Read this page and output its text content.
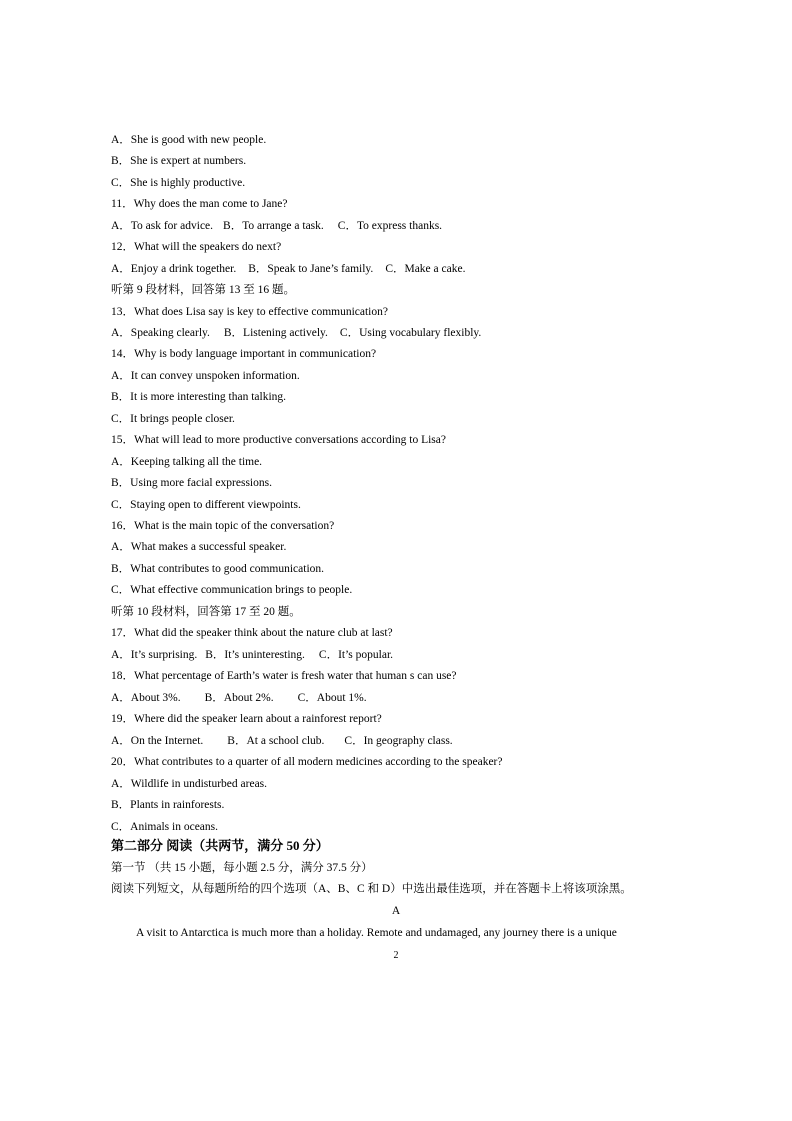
A．She is good with new people.
B．She is expert at numbers.
C．She is highly productive.
11．Why does the man come to Jane?
A．To ask for advice. B．To arrange a task. C．To express thanks.
12．What will the speakers do next?
A．Enjoy a drink together. B．Speak to Jane’s family. C．Make a cake.
听第 9 段材料，回答第 13 至 16 题。
13．What does Lisa say is key to effective communication?
A．Speaking clearly. B．Listening actively. C．Using vocabulary flexibly.
14．Why is body language important in communication?
A．It can convey unspoken information.
B．It is more interesting than talking.
C．It brings people closer.
15．What will lead to more productive conversations according to Lisa?
A．Keeping talking all the time.
B．Using more facial expressions.
C．Staying open to different viewpoints.
16．What is the main topic of the conversation?
A．What makes a successful speaker.
B．What contributes to good communication.
C．What effective communication brings to people.
听第 10 段材料，回答第 17 至 20 题。
17．What did the speaker think about the nature club at last?
A．It’s surprising. B．It’s uninteresting. C．It’s popular.
18．What percentage of Earth’s water is fresh water that human s can use?
A．About 3%. B．About 2%. C．About 1%.
19．Where did the speaker learn about a rainforest report?
A．On the Internet. B．At a school club. C．In geography class.
20．What contributes to a quarter of all modern medicines according to the speaker?
A．Wildlife in undisturbed areas.
B．Plants in rainforests.
C．Animals in oceans.
第二部分 阅读（共两节，满分 50 分）
第一节 （共 15 小题，每小题 2.5 分，满分 37.5 分）
阅读下列短文，从每题所给的四个选项（A、B、C 和 D）中选出最佳选项，并在答题卡上将该项涂黑。
A
A visit to Antarctica is much more than a holiday. Remote and undamaged, any journey there is a unique
2
